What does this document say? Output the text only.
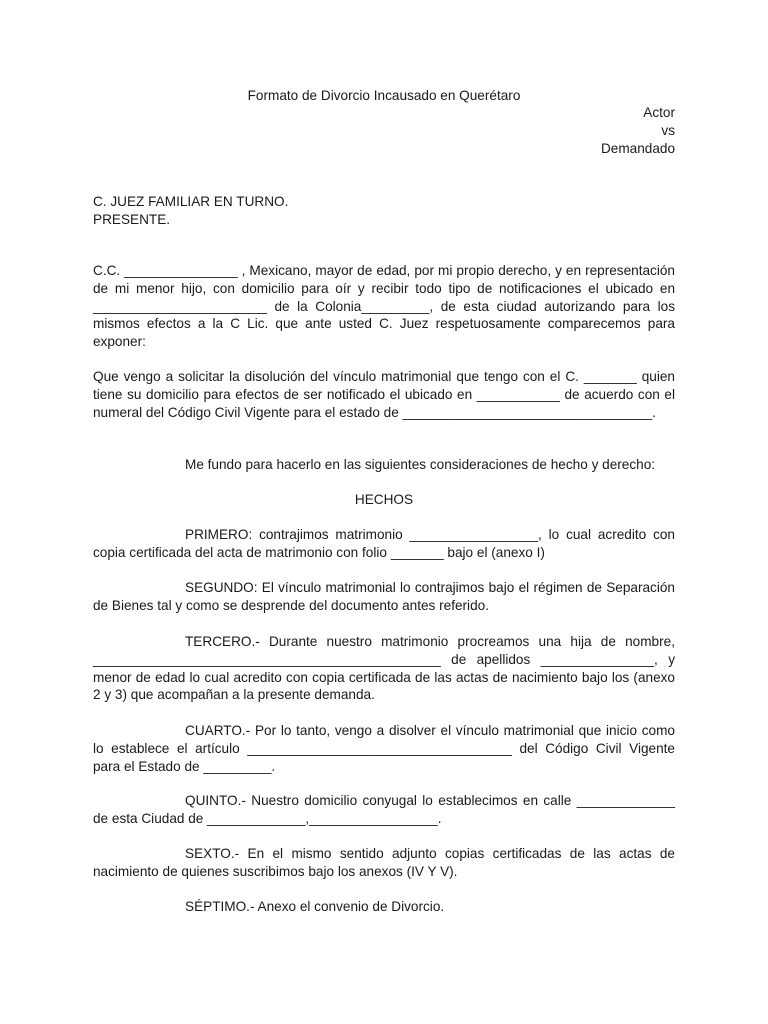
Formato de Divorcio Incausado en Querétaro
Actor
vs
Demandado
C. JUEZ FAMILIAR EN TURNO.
PRESENTE.

C.C. _______________ , Mexicano, mayor de edad, por mi propio derecho, y en representación de mi menor hijo, con domicilio para oír y recibir todo tipo de notificaciones el ubicado en _______________________ de la Colonia_________, de esta ciudad autorizando para los mismos efectos a la C Lic. que ante usted C. Juez respetuosamente comparecemos para exponer:

Que vengo a solicitar la disolución del vínculo matrimonial que tengo con el C. _______ quien tiene su domicilio para efectos de ser notificado el ubicado en ___________ de acuerdo con el numeral del Código Civil Vigente para el estado de _________________________________.

Me fundo para hacerlo en las siguientes consideraciones de hecho y derecho:

HECHOS

PRIMERO: contrajimos matrimonio _________________, lo cual acredito con copia certificada del acta de matrimonio con folio _______ bajo el (anexo I)

SEGUNDO: El vínculo matrimonial lo contrajimos bajo el régimen de Separación de Bienes tal y como se desprende del documento antes referido.

TERCERO.- Durante nuestro matrimonio procreamos una hija de nombre, ______________________________________________ de apellidos _______________, y menor de edad lo cual acredito con copia certificada de las actas de nacimiento bajo los (anexo 2 y 3) que acompañan a la presente demanda.

CUARTO.- Por lo tanto, vengo a disolver el vínculo matrimonial que inicio como lo establece el artículo ___________________________________ del Código Civil Vigente para el Estado de _________.

QUINTO.- Nuestro domicilio conyugal lo establecimos en calle _____________ de esta Ciudad de _____________,_________________.

SEXTO.- En el mismo sentido adjunto copias certificadas de las actas de nacimiento de quienes suscribimos bajo los anexos (IV Y V).

SÉPTIMO.- Anexo el convenio de Divorcio.
